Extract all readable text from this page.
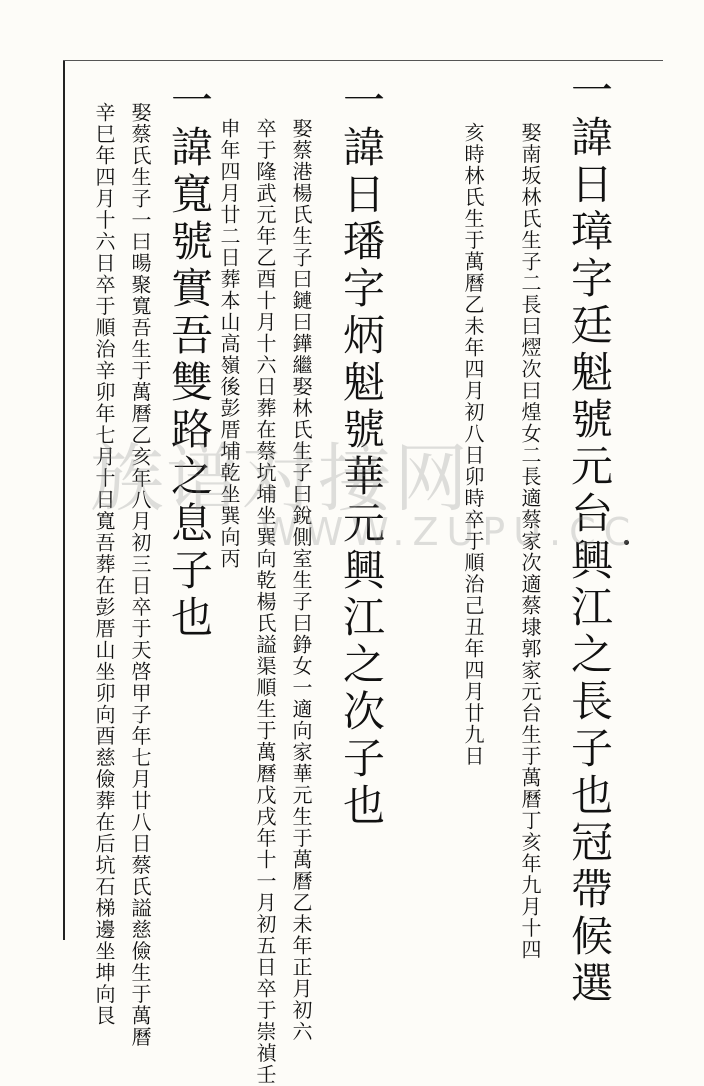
一諱日璋字廷魁號元台興江之長子也冠帶候選
娶南坂林氏生子二長曰熤次曰煌女二長適蔡家次適蔡埭郭家元台生于萬曆丁亥年九月十四
亥時林氏生于萬曆乙未年四月初八日卯時卒于順治己丑年四月廿九日
一諱日璠字炳魁號華元興江之次子也
娶蔡港楊氏生子曰鏈曰鏵繼娶林氏生子曰銳側室生子曰錚女一適向家華元生于萬曆乙未年正月初六
卒于隆武元年乙酉十月十六日葬在蔡坑埔坐巽向乾楊氏謚渠順生于萬曆戊戌年十一月初五日卒于崇禎壬
申年四月廿二日葬本山高嶺後彭厝埔乾坐巽向丙
一諱寬號實吾雙路之息子也
娶蔡氏生子一曰暘聚寬吾生于萬曆乙亥年八月初三日卒于天啓甲子年七月廿八日蔡氏謚慈儉生于萬曆
辛巳年四月十六日卒于順治辛卯年七月十日寬吾葬在彭厝山坐卯向酉慈儉葬在后坑石梯邊坐坤向艮
族谱对接网
WWW.ZUPU.CC
